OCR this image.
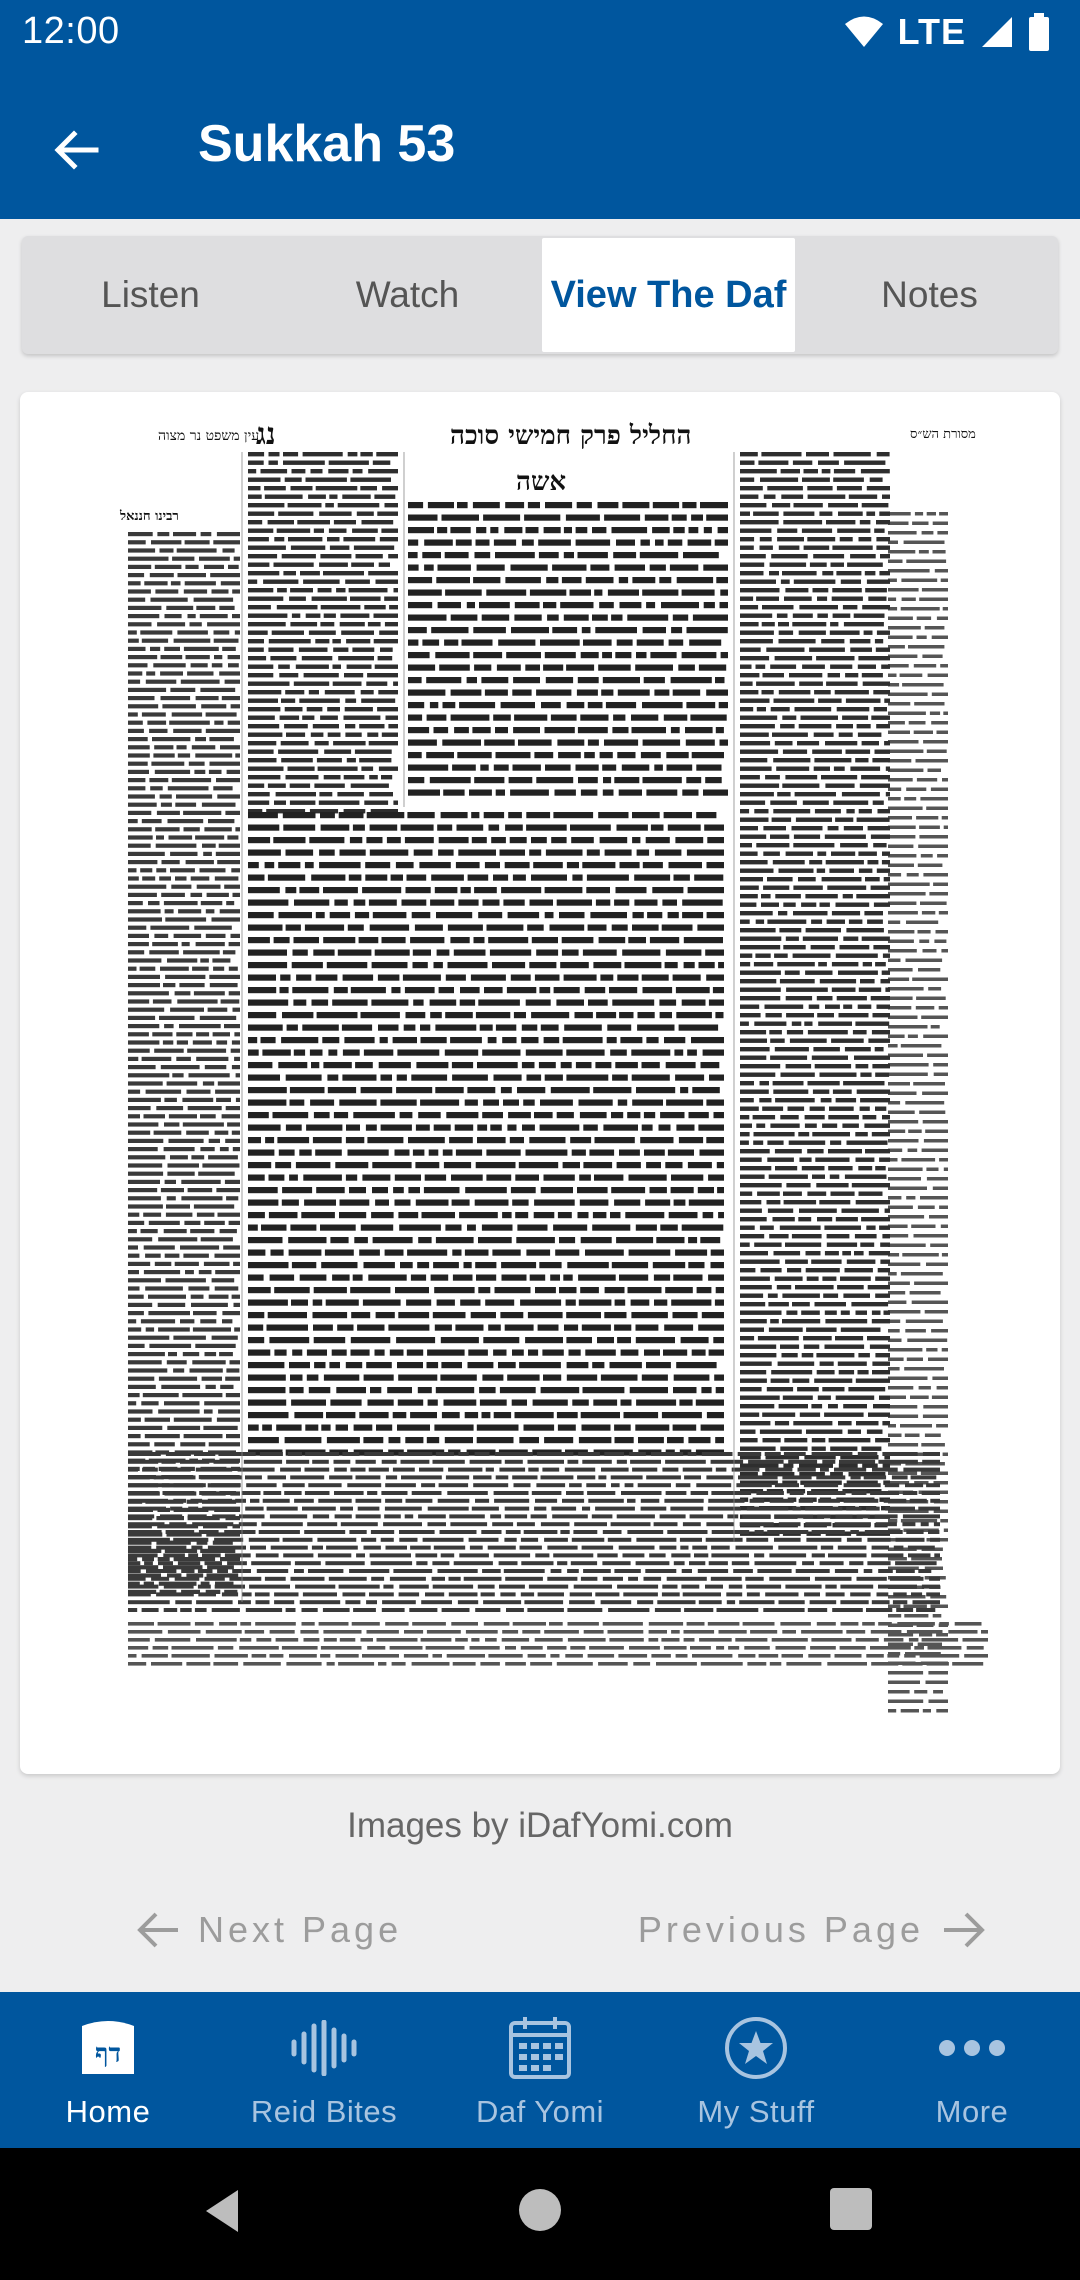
12:00	LTE
Sukkah 53
Listen	Watch	View The Daf	Notes
עין משפט נר מצוה
נג	החליל פרק חמישי סוכה	מסורת הש״ס
רבינו חננאל
אשה
Images by iDafYomi.com
Next Page	Previous Page
דף
Home	Reid Bites	Daf Yomi	My Stuff	More
